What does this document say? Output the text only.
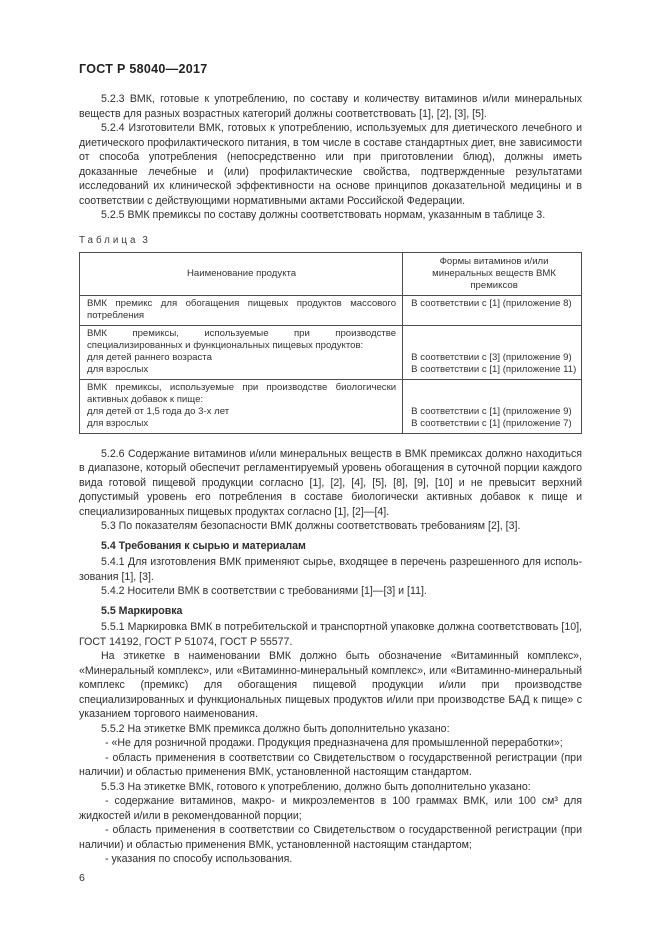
ГОСТ Р 58040—2017

5.2.3 ВМК, готовые к употреблению, по составу и количеству витаминов и/или минеральных веществ для разных возрастных категорий должны соответствовать [1], [2], [3], [5].

5.2.4 Изготовители ВМК, готовых к употреблению, используемых для диетического лечебного и диетического профилактического питания, в том числе в составе стандартных диет, вне зависимости от способа употребления (непосредственно или при приготовлении блюд), должны иметь доказанные лечебные и (или) профилактические свойства, подтвержденные результатами исследований их клинической эффективности на основе принципов доказательной медицины и в соответствии с действующими нормативными актами Российской Федерации.

5.2.5 ВМК премиксы по составу должны соответствовать нормам, указанным в таблице 3.

Таблица 3
Наименование продукта
Формы витаминов и/или минеральных веществ ВМК премиксов
ВМК премикс для обогащения пищевых продуктов массового потребления
В соответствии с [1] (приложение 8)
ВМК премиксы, используемые при производстве специализированных и функциональных пищевых продуктов:
для детей раннего возраста
для взрослых
В соответствии с [3] (приложение 9)
В соответствии с [1] (приложение 11)
ВМК премиксы, используемые при производстве биологически активных добавок к пище:
для детей от 1,5 года до 3-х лет
для взрослых
В соответствии с [1] (приложение 9)
В соответствии с [1] (приложение 7)

5.2.6 Содержание витаминов и/или минеральных веществ в ВМК премиксах должно находиться в диапазоне, который обеспечит регламентируемый уровень обогащения в суточной порции каждого вида готовой пищевой продукции согласно [1], [2], [4], [5], [8], [9], [10] и не превысит верхний допустимый уровень его потребления в составе биологически активных добавок к пище и специализированных пищевых продуктах согласно [1], [2]—[4].

5.3 По показателям безопасности ВМК должны соответствовать требованиям [2], [3].

5.4 Требования к сырью и материалам

5.4.1 Для изготовления ВМК применяют сырье, входящее в перечень разрешенного для использования [1], [3].

5.4.2 Носители ВМК в соответствии с требованиями [1]—[3] и [11].

5.5 Маркировка

5.5.1 Маркировка ВМК в потребительской и транспортной упаковке должна соответствовать [10], ГОСТ 14192, ГОСТ Р 51074, ГОСТ Р 55577.

На этикетке в наименовании ВМК должно быть обозначение «Витаминный комплекс», «Минеральный комплекс», или «Витаминно-минеральный комплекс», или «Витаминно-минеральный комплекс (премикс) для обогащения пищевой продукции и/или при производстве специализированных и функциональных пищевых продуктов и/или при производстве БАД к пище» с указанием торгового наименования.

5.5.2 На этикетке ВМК премикса должно быть дополнительно указано:

- «Не для розничной продажи. Продукция предназначена для промышленной переработки»;

- область применения в соответствии со Свидетельством о государственной регистрации (при наличии) и областью применения ВМК, установленной настоящим стандартом.

5.5.3 На этикетке ВМК, готового к употреблению, должно быть дополнительно указано:

- содержание витаминов, макро- и микроэлементов в 100 граммах ВМК, или 100 см³ для жидкостей и/или в рекомендованной порции;

- область применения в соответствии со Свидетельством о государственной регистрации (при наличии) и областью применения ВМК, установленной настоящим стандартом;

- указания по способу использования.

6
